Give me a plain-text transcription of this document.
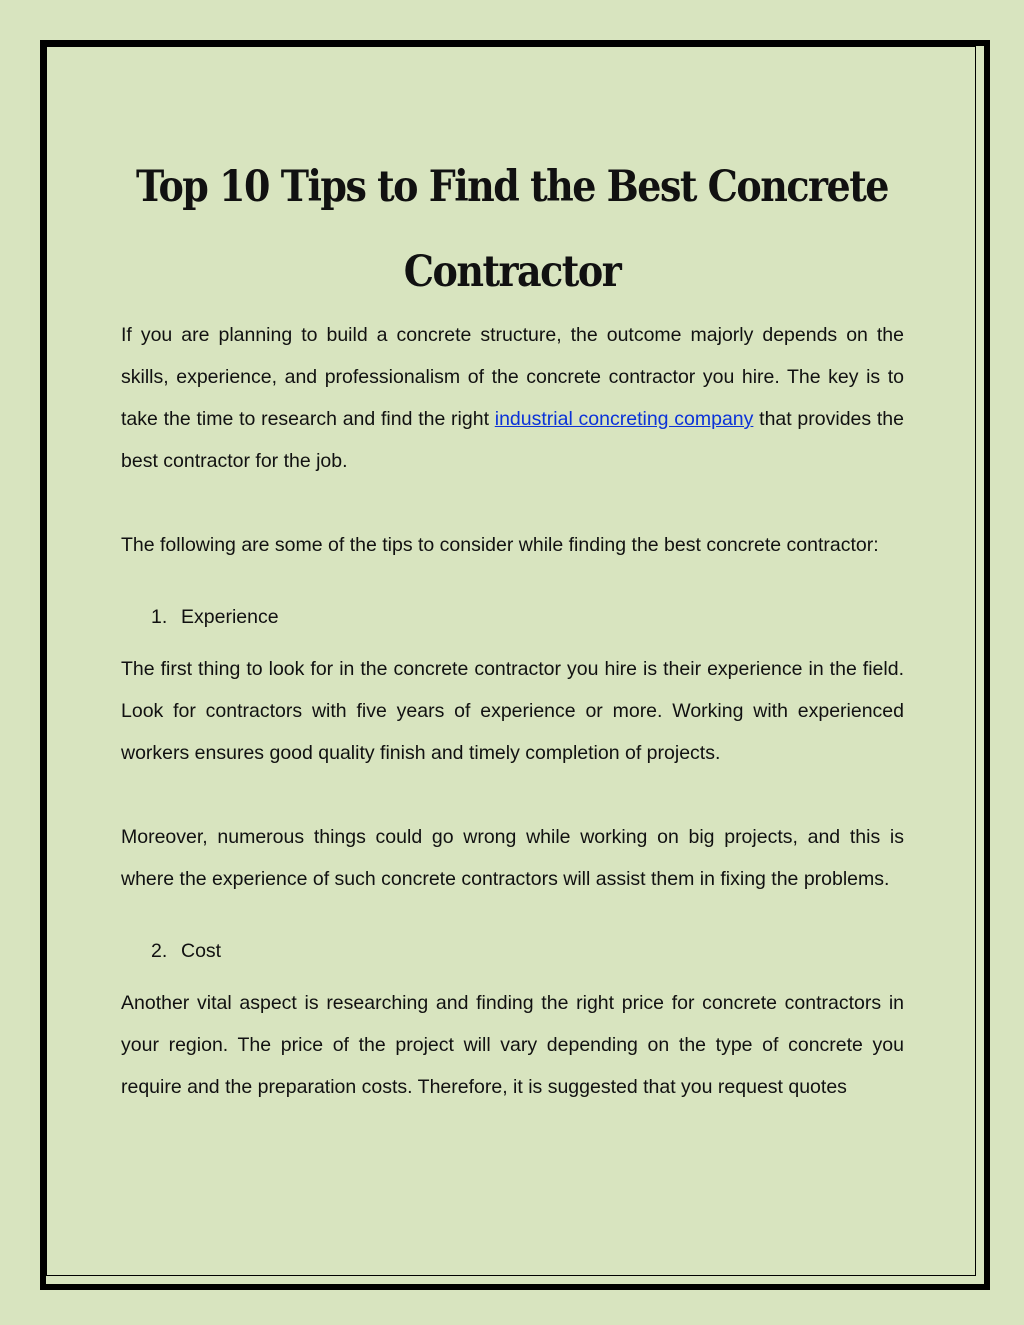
Top 10 Tips to Find the Best Concrete Contractor

If you are planning to build a concrete structure, the outcome majorly depends on the skills, experience, and professionalism of the concrete contractor you hire. The key is to take the time to research and find the right industrial concreting company that provides the best contractor for the job.

The following are some of the tips to consider while finding the best concrete contractor:

1. Experience

The first thing to look for in the concrete contractor you hire is their experience in the field. Look for contractors with five years of experience or more. Working with experienced workers ensures good quality finish and timely completion of projects.

Moreover, numerous things could go wrong while working on big projects, and this is where the experience of such concrete contractors will assist them in fixing the problems.

2. Cost

Another vital aspect is researching and finding the right price for concrete contractors in your region. The price of the project will vary depending on the type of concrete you require and the preparation costs. Therefore, it is suggested that you request quotes
